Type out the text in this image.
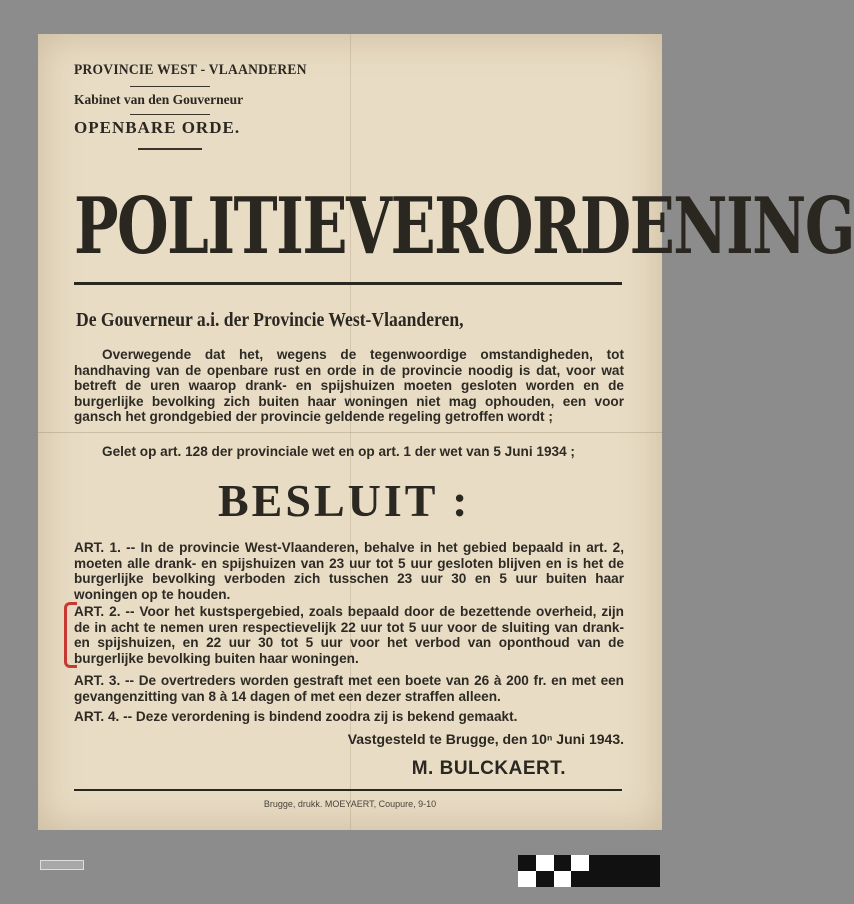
PROVINCIE WEST - VLAANDEREN
Kabinet van den Gouverneur
OPENBARE ORDE.
POLITIEVERORDENING
De Gouverneur a.i. der Provincie West-Vlaanderen,
Overwegende dat het, wegens de tegenwoordige omstandigheden, tot handhaving van de openbare rust en orde in de provincie noodig is dat, voor wat betreft de uren waarop drank- en spijshuizen moeten gesloten worden en de burgerlijke bevolking zich buiten haar woningen niet mag ophouden, een voor gansch het grondgebied der provincie geldende regeling getroffen wordt ;
Gelet op art. 128 der provinciale wet en op art. 1 der wet van 5 Juni 1934 ;
BESLUIT :
ART. 1. -- In de provincie West-Vlaanderen, behalve in het gebied bepaald in art. 2, moeten alle drank- en spijshuizen van 23 uur tot 5 uur gesloten blijven en is het de burgerlijke bevolking verboden zich tusschen 23 uur 30 en 5 uur buiten haar woningen op te houden.
ART. 2. -- Voor het kustspergebied, zoals bepaald door de bezettende overheid, zijn de in acht te nemen uren respectievelijk 22 uur tot 5 uur voor de sluiting van drank- en spijshuizen, en 22 uur 30 tot 5 uur voor het verbod van oponthoud van de burgerlijke bevolking buiten haar woningen.
ART. 3. -- De overtreders worden gestraft met een boete van 26 à 200 fr. en met een gevangenzitting van 8 à 14 dagen of met een dezer straffen alleen.
ART. 4. -- Deze verordening is bindend zoodra zij is bekend gemaakt.
Vastgesteld te Brugge, den 10ⁿ Juni 1943.
M. BULCKAERT.
Brugge, drukk. MOEYAERT, Coupure, 9-10
